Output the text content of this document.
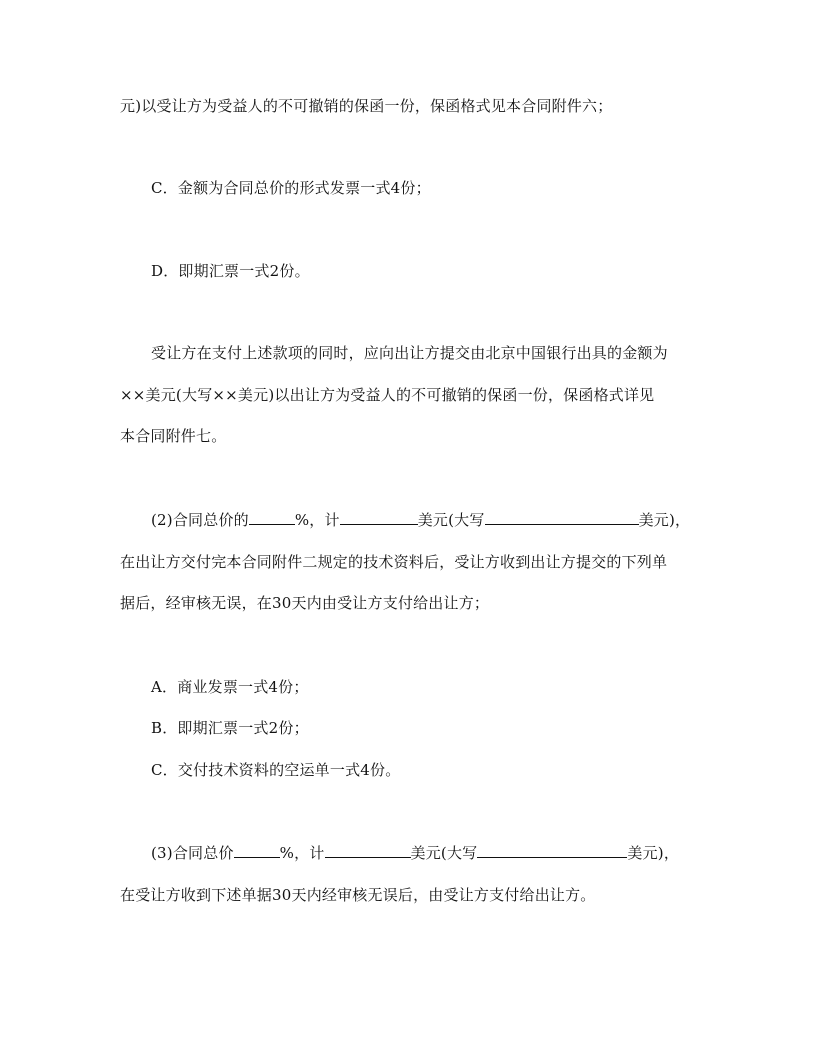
元)以受让方为受益人的不可撤销的保函一份，保函格式见本合同附件六；
C．金额为合同总价的形式发票一式4份；
D．即期汇票一式2份。
受让方在支付上述款项的同时，应向出让方提交由北京中国银行出具的金额为
××美元(大写××美元)以出让方为受益人的不可撤销的保函一份，保函格式详见
本合同附件七。
(2)合同总价的	%，计	美元(大写	美元)，
在出让方交付完本合同附件二规定的技术资料后，受让方收到出让方提交的下列单
据后，经审核无误，在30天内由受让方支付给出让方；
A．商业发票一式4份；
B．即期汇票一式2份；
C．交付技术资料的空运单一式4份。
(3)合同总价	%，计	美元(大写	美元)，
在受让方收到下述单据30天内经审核无误后，由受让方支付给出让方。
